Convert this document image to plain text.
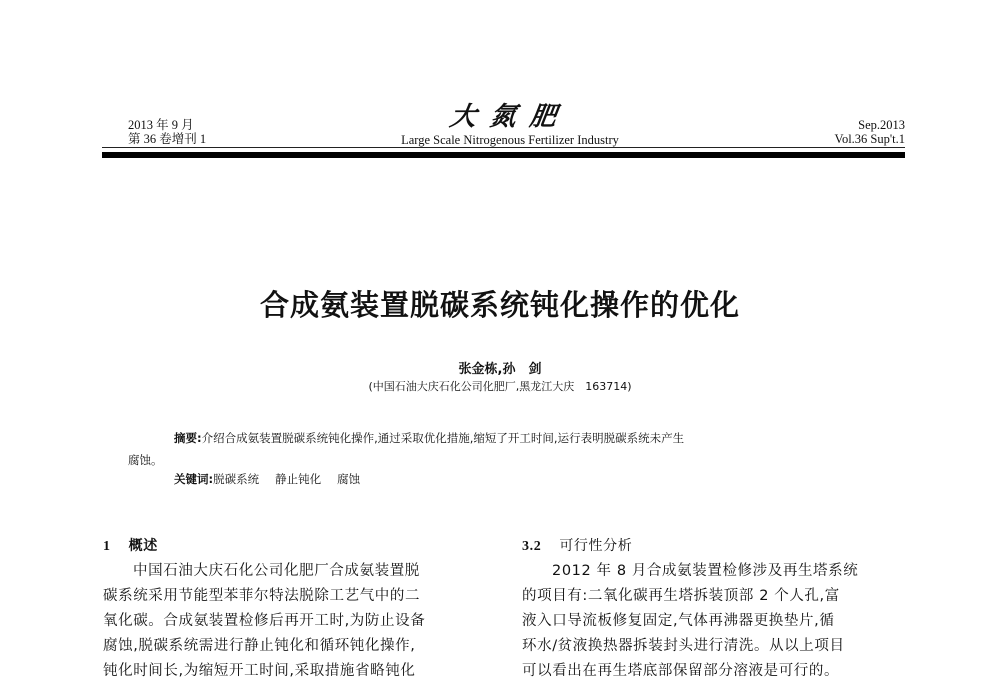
2013 年 9 月
第 36 卷增刊 1
大氮肥
Large Scale Nitrogenous Fertilizer Industry
Sep.2013
Vol.36 Sup't.1
合成氨装置脱碳系统钝化操作的优化
张金栋,孙　剑
(中国石油大庆石化公司化肥厂,黑龙江大庆　163714)
摘要:介绍合成氨装置脱碳系统钝化操作,通过采取优化措施,缩短了开工时间,运行表明脱碳系统未产生
腐蚀。
关键词:脱碳系统 静止钝化 腐蚀
1 概述
中国石油大庆石化公司化肥厂合成氨装置脱
碳系统采用节能型苯菲尔特法脱除工艺气中的二
氧化碳。合成氨装置检修后再开工时,为防止设备
腐蚀,脱碳系统需进行静止钝化和循环钝化操作,
钝化时间长,为缩短开工时间,采取措施省略钝化
3.2 可行性分析
2012 年 8 月合成氨装置检修涉及再生塔系统
的项目有:二氧化碳再生塔拆装顶部 2 个人孔,富
液入口导流板修复固定,气体再沸器更换垫片,循
环水/贫液换热器拆装封头进行清洗。从以上项目
可以看出在再生塔底部保留部分溶液是可行的。
